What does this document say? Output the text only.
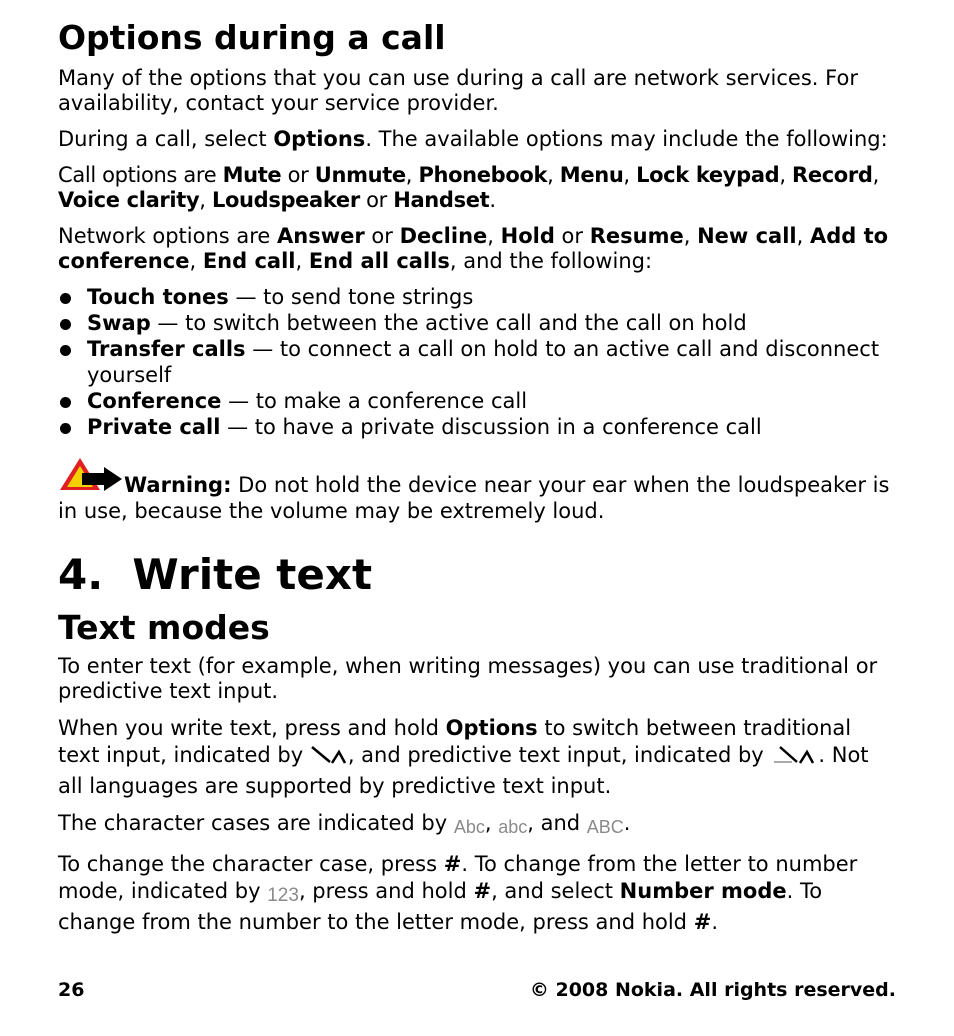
Options during a call

Many of the options that you can use during a call are network services. For availability, contact your service provider.

During a call, select Options. The available options may include the following:

Call options are Mute or Unmute, Phonebook, Menu, Lock keypad, Record, Voice clarity, Loudspeaker or Handset.

Network options are Answer or Decline, Hold or Resume, New call, Add to conference, End call, End all calls, and the following:

Touch tones — to send tone strings
Swap — to switch between the active call and the call on hold
Transfer calls — to connect a call on hold to an active call and disconnect yourself
Conference — to make a conference call
Private call — to have a private discussion in a conference call

Warning: Do not hold the device near your ear when the loudspeaker is in use, because the volume may be extremely loud.

4.  Write text
Text modes

To enter text (for example, when writing messages) you can use traditional or predictive text input.

When you write text, press and hold Options to switch between traditional text input, indicated by , and predictive text input, indicated by . Not all languages are supported by predictive text input.

The character cases are indicated by Abc, abc, and ABC.

To change the character case, press #. To change from the letter to number mode, indicated by 123, press and hold #, and select Number mode. To change from the number to the letter mode, press and hold #.

26	© 2008 Nokia. All rights reserved.
